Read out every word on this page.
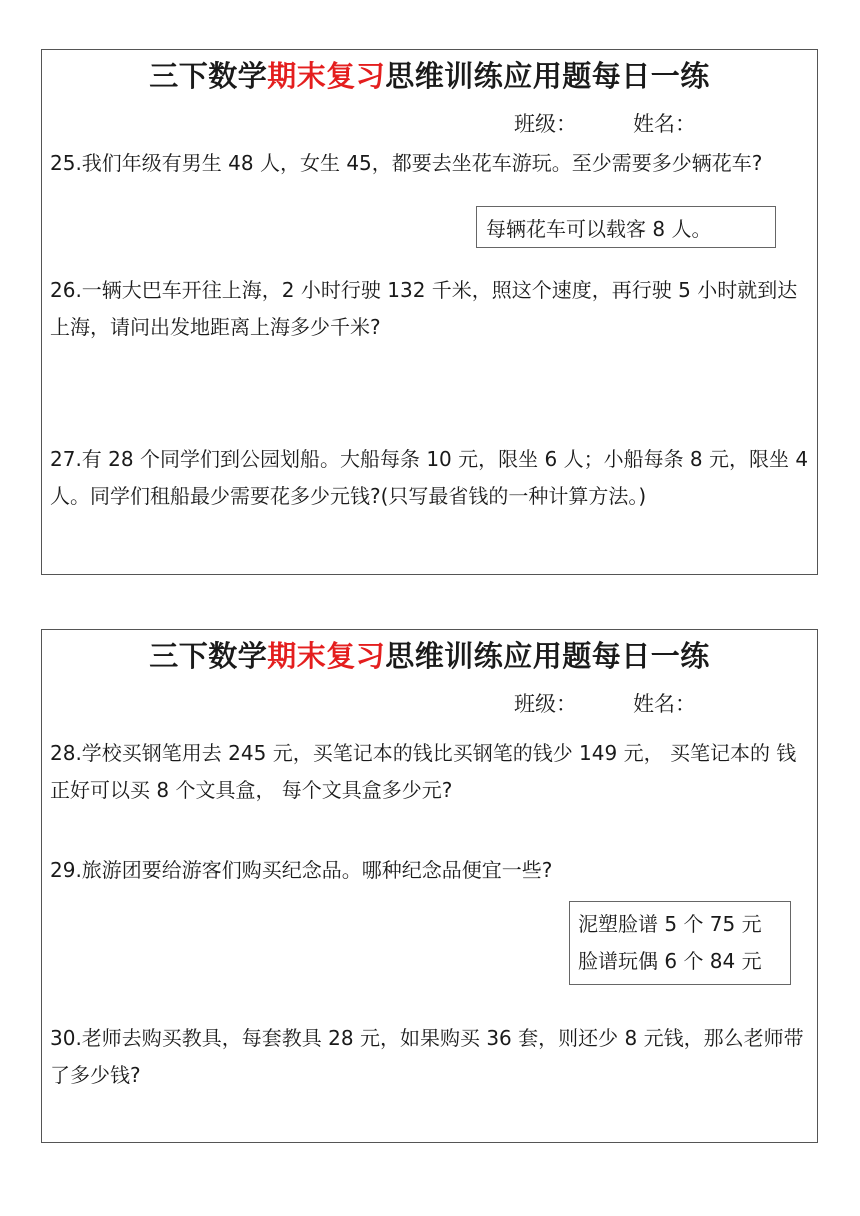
三下数学期末复习思维训练应用题每日一练
班级：	姓名：
25.我们年级有男生 48 人，女生 45，都要去坐花车游玩。至少需要多少辆花车?
每辆花车可以载客 8 人。
26.一辆大巴车开往上海，2 小时行驶 132 千米，照这个速度，再行驶 5 小时就到达上海，请问出发地距离上海多少千米?
27.有 28 个同学们到公园划船。大船每条 10 元，限坐 6 人；小船每条 8 元，限坐 4 人。同学们租船最少需要花多少元钱?(只写最省钱的一种计算方法。)
三下数学期末复习思维训练应用题每日一练
班级：	姓名：
28.学校买钢笔用去 245 元，买笔记本的钱比买钢笔的钱少 149 元， 买笔记本的 钱正好可以买 8 个文具盒， 每个文具盒多少元?
29.旅游团要给游客们购买纪念品。哪种纪念品便宜一些?
泥塑脸谱 5 个 75 元
脸谱玩偶 6 个 84 元
30.老师去购买教具，每套教具 28 元，如果购买 36 套，则还少 8 元钱，那么老师带了多少钱?
